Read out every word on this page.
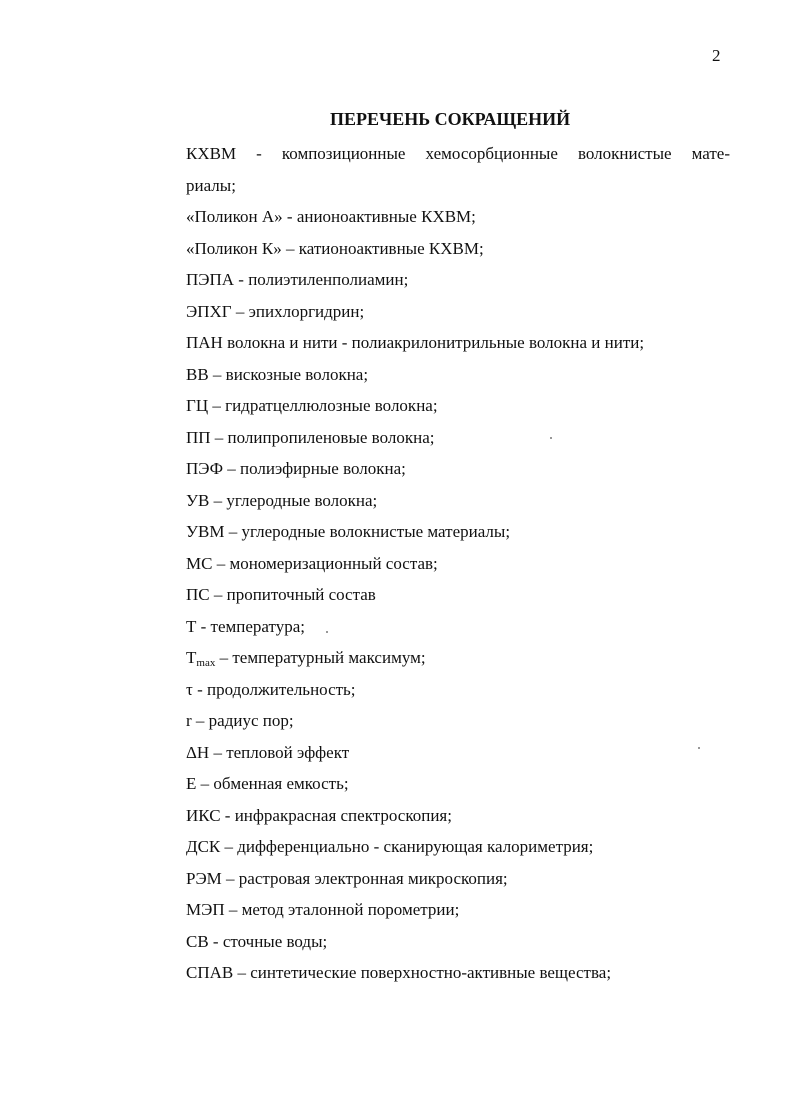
2
ПЕРЕЧЕНЬ СОКРАЩЕНИЙ
КХВМ - композиционные хемосорбционные волокнистые мате-
риалы;
«Поликон А» - анионоактивные КХВМ;
«Поликон К» – катионоактивные КХВМ;
ПЭПА - полиэтиленполиамин;
ЭПХГ – эпихлоргидрин;
ПАН волокна и нити - полиакрилонитрильные волокна и нити;
ВВ – вискозные волокна;
ГЦ – гидратцеллюлозные волокна;
ПП – полипропиленовые волокна;
ПЭФ – полиэфирные волокна;
УВ – углеродные волокна;
УВМ – углеродные волокнистые материалы;
МС – мономеризационный состав;
ПС – пропиточный состав
Т - температура;
$T_{max}$ – температурный максимум;
τ - продолжительность;
r – радиус пор;
ΔН – тепловой эффект
Е – обменная емкость;
ИКС - инфракрасная спектроскопия;
ДСК – дифференциально - сканирующая калориметрия;
РЭМ – растровая электронная микроскопия;
МЭП – метод эталонной порометрии;
СВ - сточные воды;
СПАВ – синтетические поверхностно-активные вещества;
